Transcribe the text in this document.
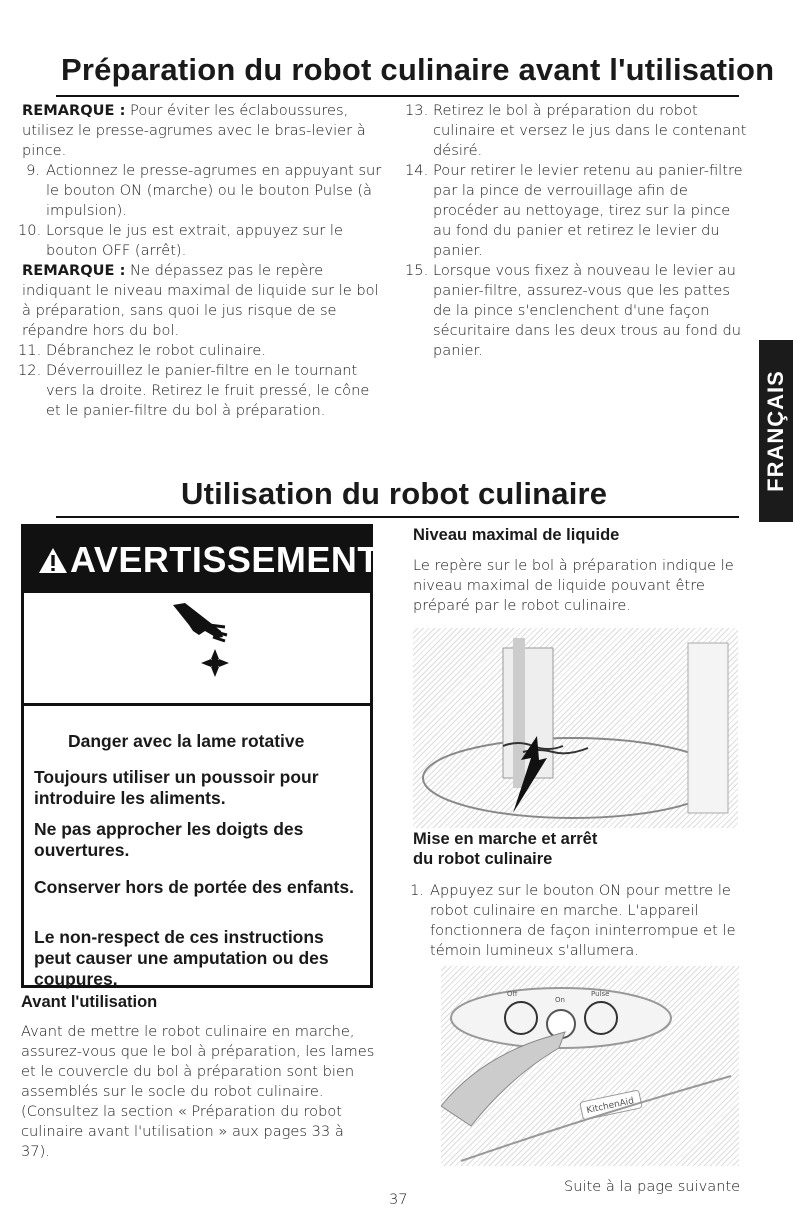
Préparation du robot culinaire avant l'utilisation

REMARQUE : Pour éviter les éclaboussures, utilisez le presse-agrumes avec le bras-levier à pince.

9. Actionnez le presse-agrumes en appuyant sur le bouton ON (marche) ou le bouton Pulse (à impulsion).
10. Lorsque le jus est extrait, appuyez sur le bouton OFF (arrêt).

REMARQUE : Ne dépassez pas le repère indiquant le niveau maximal de liquide sur le bol à préparation, sans quoi le jus risque de se répandre hors du bol.

11. Débranchez le robot culinaire.
12. Déverrouillez le panier-filtre en le tournant vers la droite. Retirez le fruit pressé, le cône et le panier-filtre du bol à préparation.
13. Retirez le bol à préparation du robot culinaire et versez le jus dans le contenant désiré.
14. Pour retirer le levier retenu au panier-filtre par la pince de verrouillage afin de procéder au nettoyage, tirez sur la pince au fond du panier et retirez le levier du panier.
15. Lorsque vous fixez à nouveau le levier au panier-filtre, assurez-vous que les pattes de la pince s'enclenchent d'une façon sécuritaire dans les deux trous au fond du panier.
FRANÇAIS
Utilisation du robot culinaire
AVERTISSEMENT
Danger avec la lame rotative
Toujours utiliser un poussoir pour introduire les aliments.
Ne pas approcher les doigts des ouvertures.
Conserver hors de portée des enfants.
Le non-respect de ces instructions peut causer une amputation ou des coupures.
Avant l'utilisation
Avant de mettre le robot culinaire en marche, assurez-vous que le bol à préparation, les lames et le couvercle du bol à préparation sont bien assemblés sur le socle du robot culinaire. (Consultez la section « Préparation du robot culinaire avant l'utilisation » aux pages 33 à 37).
Niveau maximal de liquide
Le repère sur le bol à préparation indique le niveau maximal de liquide pouvant être préparé par le robot culinaire.
Mise en marche et arrêt
du robot culinaire
1. Appuyez sur le bouton ON pour mettre le robot culinaire en marche. L'appareil fonctionnera de façon ininterrompue et le témoin lumineux s'allumera.
Off
On
Pulse
KitchenAid
37
Suite à la page suivante
